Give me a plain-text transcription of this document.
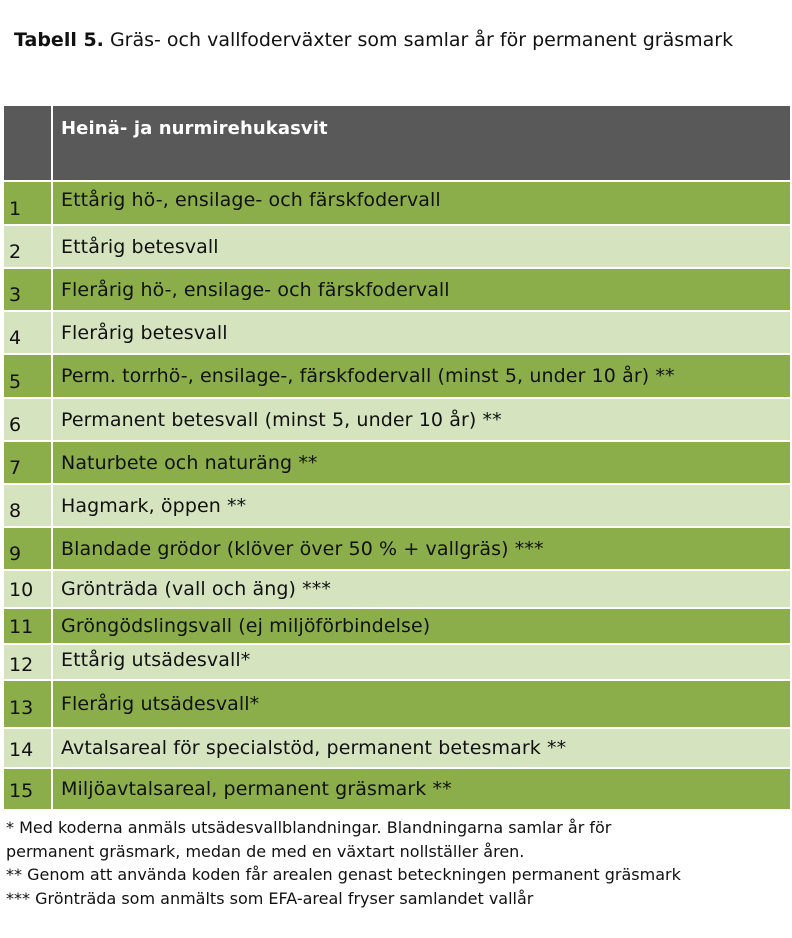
Tabell 5. Gräs- och vallfoderväxter som samlar år för permanent gräsmark
Heinä- ja nurmirehukasvit
1	Ettårig hö-, ensilage- och färskfodervall
2	Ettårig betesvall
3	Flerårig hö-, ensilage- och färskfodervall
4	Flerårig betesvall
5	Perm. torrhö-, ensilage-, färskfodervall (minst 5, under 10 år) **
6	Permanent betesvall (minst 5, under 10 år) **
7	Naturbete och naturäng **
8	Hagmark, öppen **
9	Blandade grödor (klöver över 50 % + vallgräs) ***
10	Grönträda (vall och äng) ***
11	Gröngödslingsvall (ej miljöförbindelse)
12	Ettårig utsädesvall*
13	Flerårig utsädesvall*
14	Avtalsareal för specialstöd, permanent betesmark **
15	Miljöavtalsareal, permanent gräsmark **

* Med koderna anmäls utsädesvallblandningar. Blandningarna samlar år för

permanent gräsmark, medan de med en växtart nollställer åren.

** Genom att använda koden får arealen genast beteckningen permanent gräsmark

*** Grönträda som anmälts som EFA-areal fryser samlandet vallår
